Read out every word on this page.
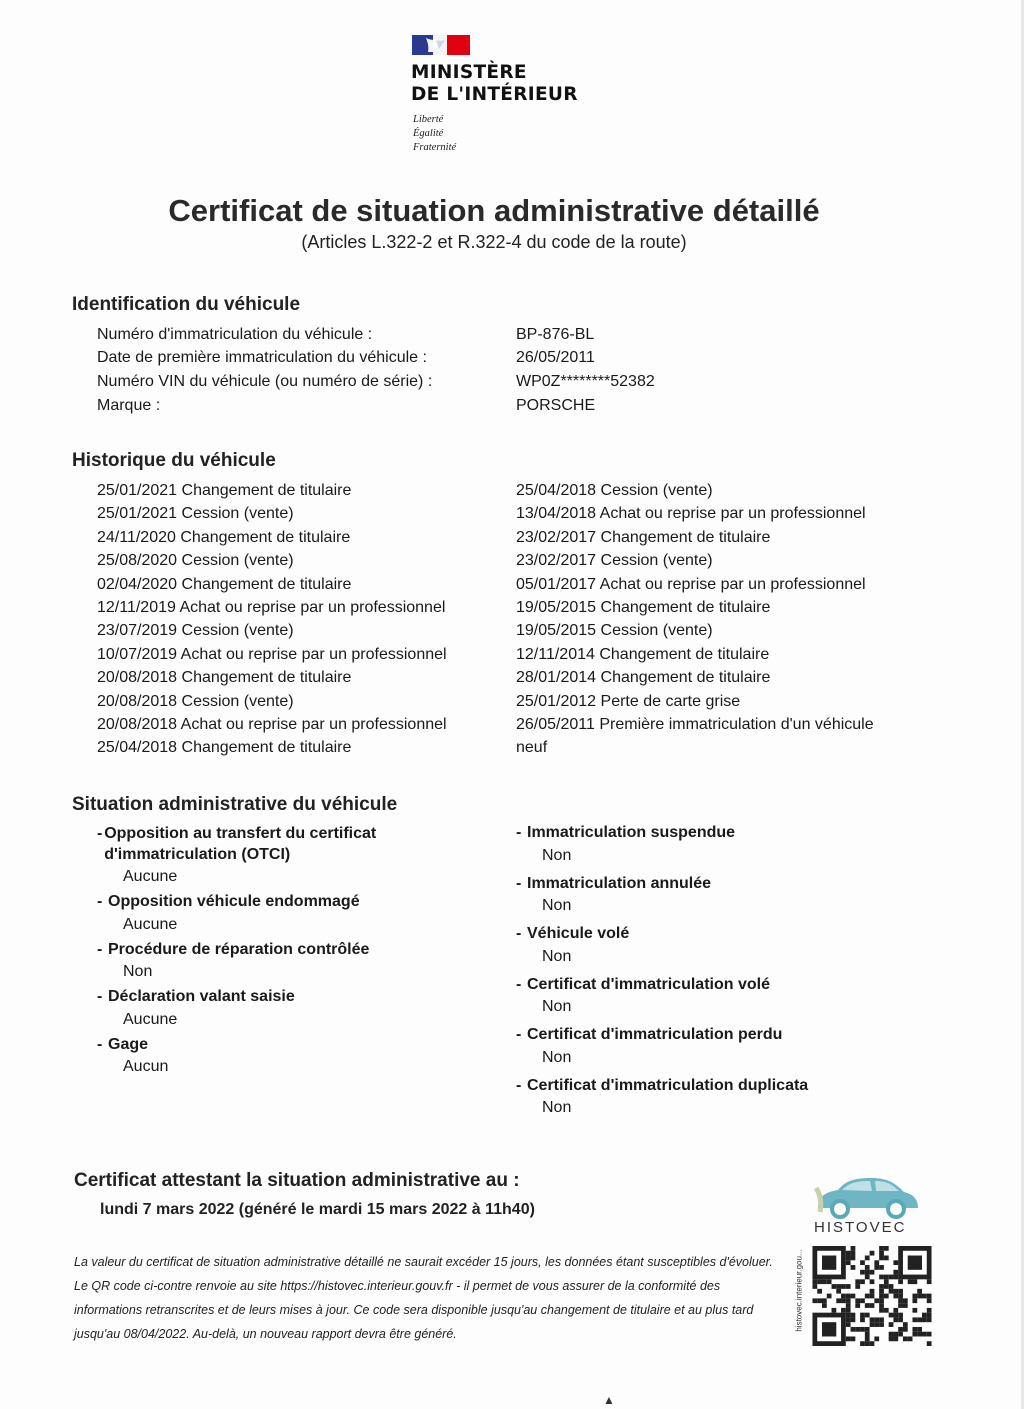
MINISTÈRE
DE L'INTÉRIEUR
Liberté
Égalité
Fraternité
Certificat de situation administrative détaillé
(Articles L.322-2 et R.322-4 du code de la route)
Identification du véhicule
Numéro d'immatriculation du véhicule :	BP-876-BL
Date de première immatriculation du véhicule :	26/05/2011
Numéro VIN du véhicule (ou numéro de série) :	WP0Z********52382
Marque :	PORSCHE
Historique du véhicule
25/01/2021 Changement de titulaire
25/01/2021 Cession (vente)
24/11/2020 Changement de titulaire
25/08/2020 Cession (vente)
02/04/2020 Changement de titulaire
12/11/2019 Achat ou reprise par un professionnel
23/07/2019 Cession (vente)
10/07/2019 Achat ou reprise par un professionnel
20/08/2018 Changement de titulaire
20/08/2018 Cession (vente)
20/08/2018 Achat ou reprise par un professionnel
25/04/2018 Changement de titulaire
25/04/2018 Cession (vente)
13/04/2018 Achat ou reprise par un professionnel
23/02/2017 Changement de titulaire
23/02/2017 Cession (vente)
05/01/2017 Achat ou reprise par un professionnel
19/05/2015 Changement de titulaire
19/05/2015 Cession (vente)
12/11/2014 Changement de titulaire
28/01/2014 Changement de titulaire
25/01/2012 Perte de carte grise
26/05/2011 Première immatriculation d'un véhicule neuf
Situation administrative du véhicule
- Opposition au transfert du certificat d'immatriculation (OTCI)
Aucune
- Opposition véhicule endommagé
Aucune
- Procédure de réparation contrôlée
Non
- Déclaration valant saisie
Aucune
- Gage
Aucun
- Immatriculation suspendue
Non
- Immatriculation annulée
Non
- Véhicule volé
Non
- Certificat d'immatriculation volé
Non
- Certificat d'immatriculation perdu
Non
- Certificat d'immatriculation duplicata
Non
Certificat attestant la situation administrative au :
lundi 7 mars 2022 (généré le mardi 15 mars 2022 à 11h40)
La valeur du certificat de situation administrative détaillé ne saurait excéder 15 jours, les données étant susceptibles d'évoluer. Le QR code ci-contre renvoie au site https://histovec.interieur.gouv.fr - il permet de vous assurer de la conformité des informations retranscrites et de leurs mises à jour. Ce code sera disponible jusqu'au changement de titulaire et au plus tard jusqu'au 08/04/2022. Au-delà, un nouveau rapport devra être généré.
HISTOVEC
histovec.interieur.gou...
▲
